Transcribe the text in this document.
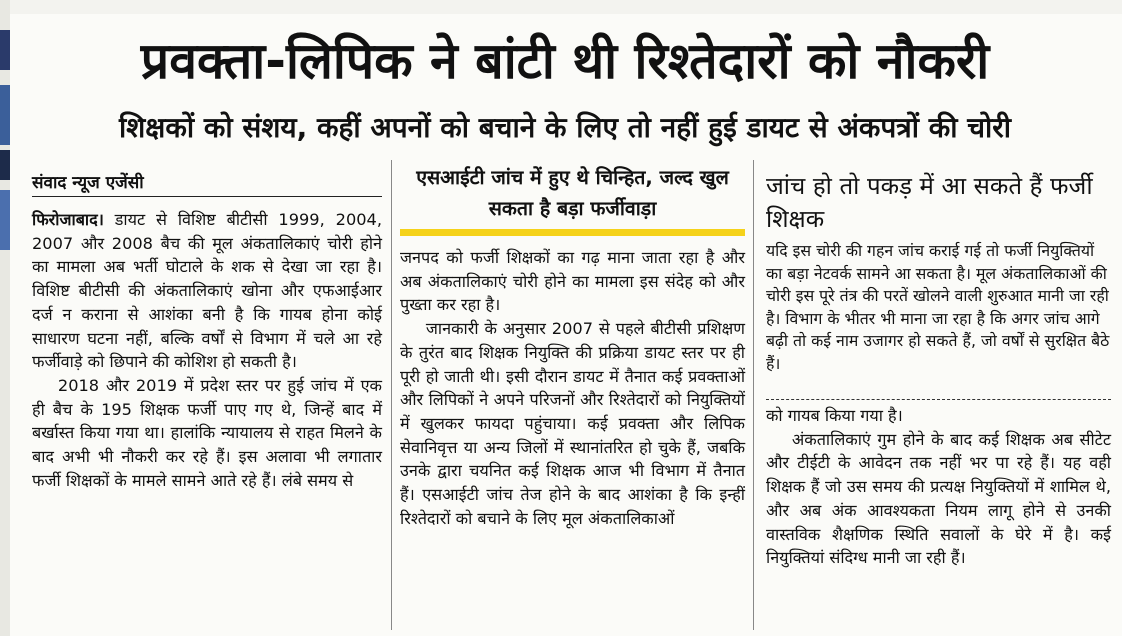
प्रवक्ता-लिपिक ने बांटी थी रिश्तेदारों को नौकरी
शिक्षकों को संशय, कहीं अपनों को बचाने के लिए तो नहीं हुई डायट से अंकपत्रों की चोरी
संवाद न्यूज एजेंसी

फिरोजाबाद। डायट से विशिष्ट बीटीसी 1999, 2004, 2007 और 2008 बैच की मूल अंकतालिकाएं चोरी होने का मामला अब भर्ती घोटाले के शक से देखा जा रहा है। विशिष्ट बीटीसी की अंकतालिकाएं खोना और एफआईआर दर्ज न कराना से आशंका बनी है कि गायब होना कोई साधारण घटना नहीं, बल्कि वर्षों से विभाग में चले आ रहे फर्जीवाड़े को छिपाने की कोशिश हो सकती है।

2018 और 2019 में प्रदेश स्तर पर हुई जांच में एक ही बैच के 195 शिक्षक फर्जी पाए गए थे, जिन्हें बाद में बर्खास्त किया गया था। हालांकि न्यायालय से राहत मिलने के बाद अभी भी नौकरी कर रहे हैं। इस अलावा भी लगातार फर्जी शिक्षकों के मामले सामने आते रहे हैं। लंबे समय से

एसआईटी जांच में हुए थे चिन्हित, जल्द खुल सकता है बड़ा फर्जीवाड़ा

जनपद को फर्जी शिक्षकों का गढ़ माना जाता रहा है और अब अंकतालिकाएं चोरी होने का मामला इस संदेह को और पुख्ता कर रहा है।

जानकारी के अनुसार 2007 से पहले बीटीसी प्रशिक्षण के तुरंत बाद शिक्षक नियुक्ति की प्रक्रिया डायट स्तर पर ही पूरी हो जाती थी। इसी दौरान डायट में तैनात कई प्रवक्ताओं और लिपिकों ने अपने परिजनों और रिश्तेदारों को नियुक्तियों में खुलकर फायदा पहुंचाया। कई प्रवक्ता और लिपिक सेवानिवृत्त या अन्य जिलों में स्थानांतरित हो चुके हैं, जबकि उनके द्वारा चयनित कई शिक्षक आज भी विभाग में तैनात हैं। एसआईटी जांच तेज होने के बाद आशंका है कि इन्हीं रिश्तेदारों को बचाने के लिए मूल अंकतालिकाओं

जांच हो तो पकड़ में आ सकते हैं फर्जी शिक्षक

यदि इस चोरी की गहन जांच कराई गई तो फर्जी नियुक्तियों का बड़ा नेटवर्क सामने आ सकता है। मूल अंकतालिकाओं की चोरी इस पूरे तंत्र की परतें खोलने वाली शुरुआत मानी जा रही है। विभाग के भीतर भी माना जा रहा है कि अगर जांच आगे बढ़ी तो कई नाम उजागर हो सकते हैं, जो वर्षों से सुरक्षित बैठे हैं।

को गायब किया गया है।

अंकतालिकाएं गुम होने के बाद कई शिक्षक अब सीटेट और टीईटी के आवेदन तक नहीं भर पा रहे हैं। यह वही शिक्षक हैं जो उस समय की प्रत्यक्ष नियुक्तियों में शामिल थे, और अब अंक आवश्यकता नियम लागू होने से उनकी वास्तविक शैक्षणिक स्थिति सवालों के घेरे में है। कई नियुक्तियां संदिग्ध मानी जा रही हैं।
